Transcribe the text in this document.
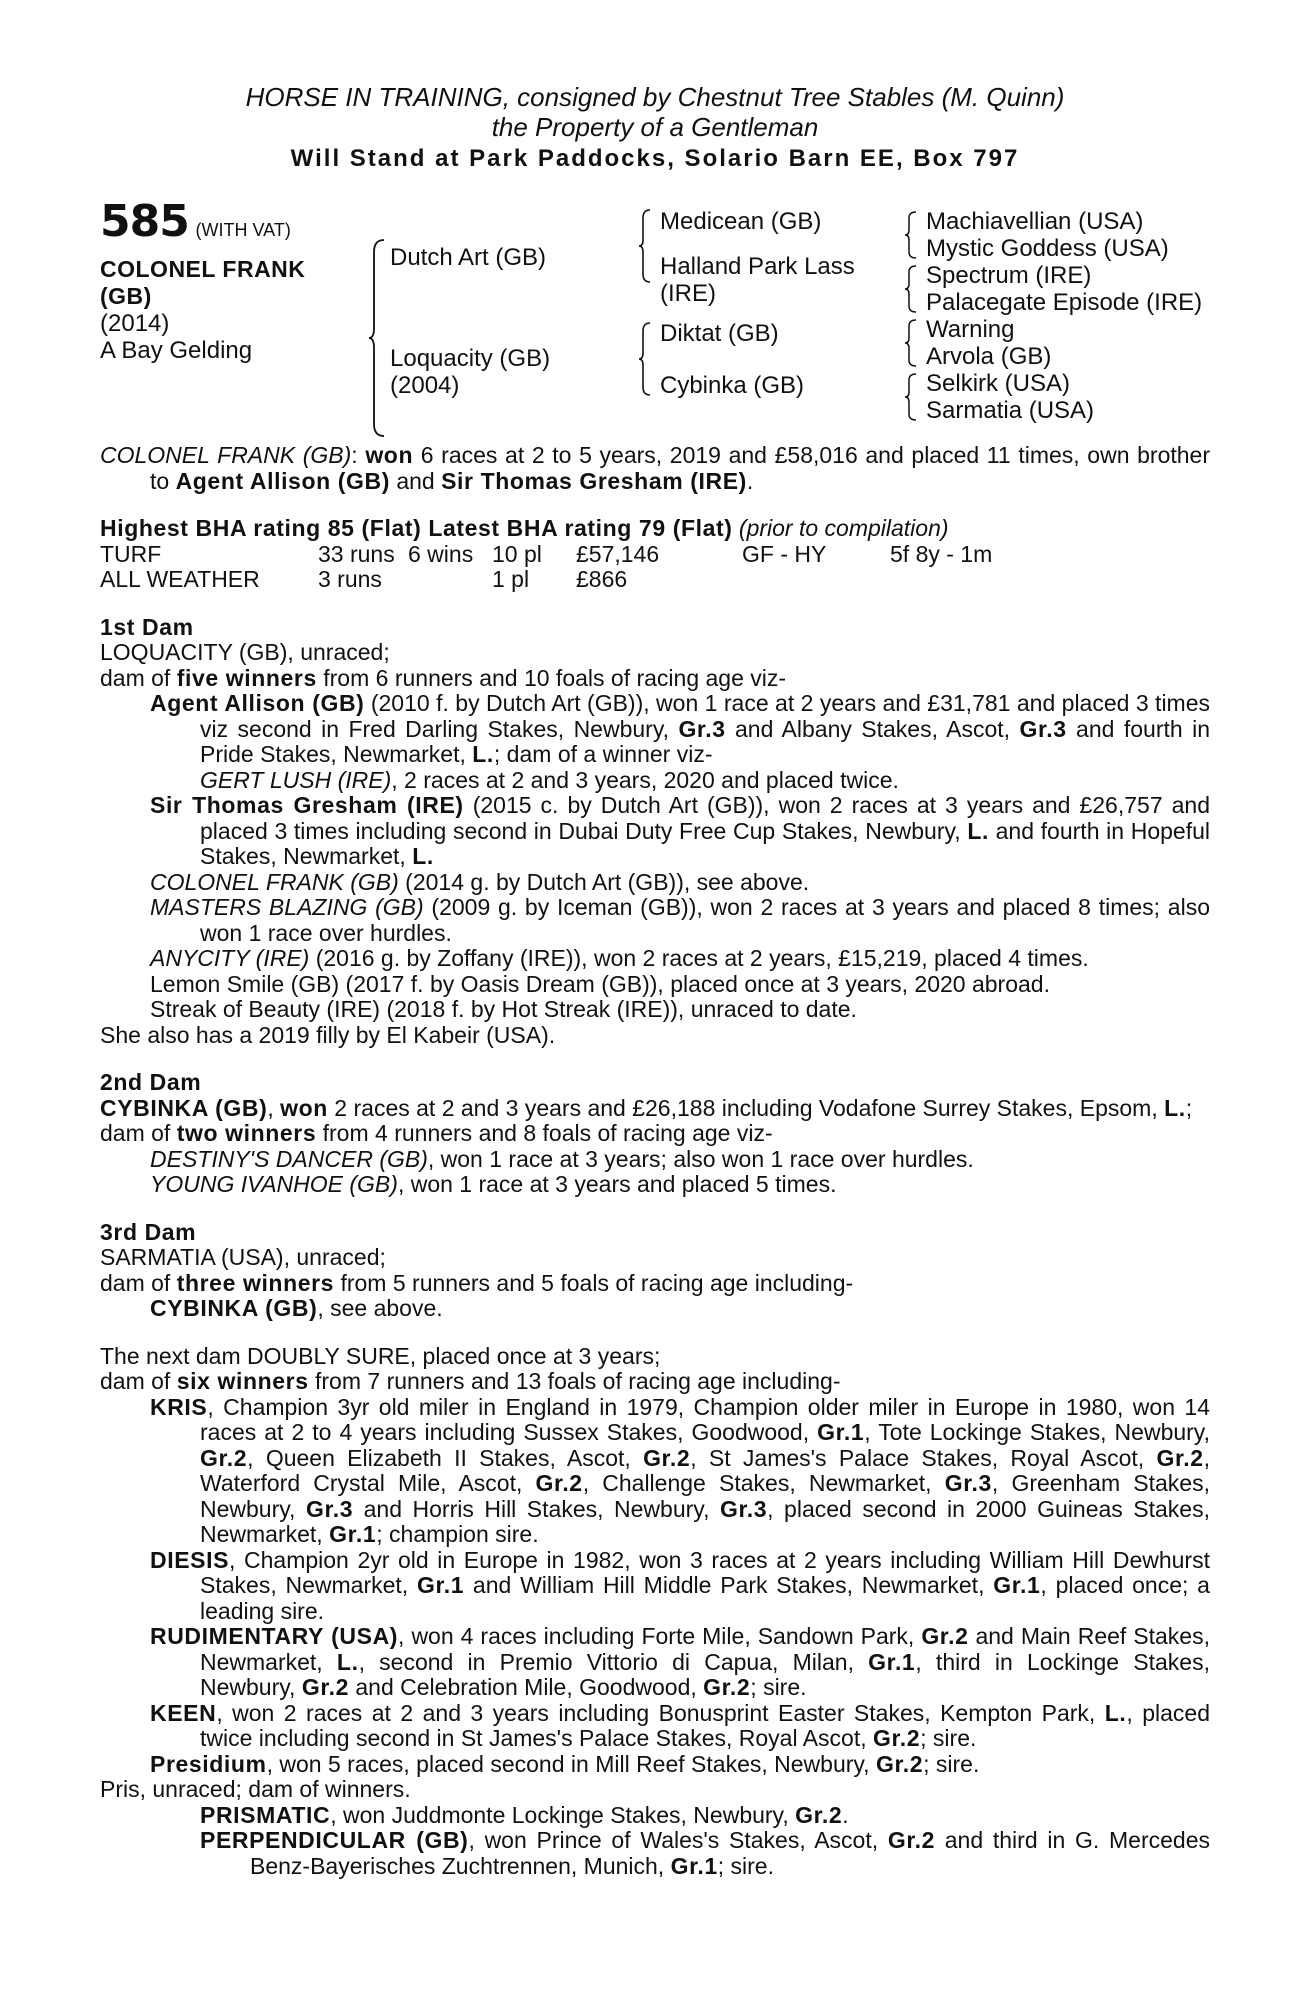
HORSE IN TRAINING, consigned by Chestnut Tree Stables (M. Quinn)

the Property of a Gentleman

Will Stand at Park Paddocks, Solario Barn EE, Box 797

585 (WITH VAT)
COLONEL FRANK
(GB)
(2014)
A Bay Gelding
Dutch Art (GB)
Loquacity (GB)
(2004)
Medicean (GB)
Halland Park Lass
(IRE)
Diktat (GB)
Cybinka (GB)
Machiavellian (USA)
Mystic Goddess (USA)
Spectrum (IRE)
Palacegate Episode (IRE)
Warning
Arvola (GB)
Selkirk (USA)
Sarmatia (USA)

COLONEL FRANK (GB): won 6 races at 2 to 5 years, 2019 and £58,016 and placed 11 times, own brother to Agent Allison (GB) and Sir Thomas Gresham (IRE).

Highest BHA rating 85 (Flat) Latest BHA rating 79 (Flat) (prior to compilation)

TURF	33 runs 6 wins 10 pl £57,146	GF - HY	5f 8y - 1m
ALL WEATHER	3 runs	1 pl £866

1st Dam

LOQUACITY (GB), unraced;

dam of five winners from 6 runners and 10 foals of racing age viz-

Agent Allison (GB) (2010 f. by Dutch Art (GB)), won 1 race at 2 years and £31,781 and placed 3 times viz second in Fred Darling Stakes, Newbury, Gr.3 and Albany Stakes, Ascot, Gr.3 and fourth in Pride Stakes, Newmarket, L.; dam of a winner viz-

GERT LUSH (IRE), 2 races at 2 and 3 years, 2020 and placed twice.

Sir Thomas Gresham (IRE) (2015 c. by Dutch Art (GB)), won 2 races at 3 years and £26,757 and placed 3 times including second in Dubai Duty Free Cup Stakes, Newbury, L. and fourth in Hopeful Stakes, Newmarket, L.

COLONEL FRANK (GB) (2014 g. by Dutch Art (GB)), see above.

MASTERS BLAZING (GB) (2009 g. by Iceman (GB)), won 2 races at 3 years and placed 8 times; also won 1 race over hurdles.

ANYCITY (IRE) (2016 g. by Zoffany (IRE)), won 2 races at 2 years, £15,219, placed 4 times.

Lemon Smile (GB) (2017 f. by Oasis Dream (GB)), placed once at 3 years, 2020 abroad.

Streak of Beauty (IRE) (2018 f. by Hot Streak (IRE)), unraced to date.

She also has a 2019 filly by El Kabeir (USA).

2nd Dam

CYBINKA (GB), won 2 races at 2 and 3 years and £26,188 including Vodafone Surrey Stakes, Epsom, L.;

dam of two winners from 4 runners and 8 foals of racing age viz-

DESTINY'S DANCER (GB), won 1 race at 3 years; also won 1 race over hurdles.

YOUNG IVANHOE (GB), won 1 race at 3 years and placed 5 times.

3rd Dam

SARMATIA (USA), unraced;

dam of three winners from 5 runners and 5 foals of racing age including-

CYBINKA (GB), see above.

The next dam DOUBLY SURE, placed once at 3 years;

dam of six winners from 7 runners and 13 foals of racing age including-

KRIS, Champion 3yr old miler in England in 1979, Champion older miler in Europe in 1980, won 14 races at 2 to 4 years including Sussex Stakes, Goodwood, Gr.1, Tote Lockinge Stakes, Newbury, Gr.2, Queen Elizabeth II Stakes, Ascot, Gr.2, St James's Palace Stakes, Royal Ascot, Gr.2, Waterford Crystal Mile, Ascot, Gr.2, Challenge Stakes, Newmarket, Gr.3, Greenham Stakes, Newbury, Gr.3 and Horris Hill Stakes, Newbury, Gr.3, placed second in 2000 Guineas Stakes, Newmarket, Gr.1; champion sire.

DIESIS, Champion 2yr old in Europe in 1982, won 3 races at 2 years including William Hill Dewhurst Stakes, Newmarket, Gr.1 and William Hill Middle Park Stakes, Newmarket, Gr.1, placed once; a leading sire.

RUDIMENTARY (USA), won 4 races including Forte Mile, Sandown Park, Gr.2 and Main Reef Stakes, Newmarket, L., second in Premio Vittorio di Capua, Milan, Gr.1, third in Lockinge Stakes, Newbury, Gr.2 and Celebration Mile, Goodwood, Gr.2; sire.

KEEN, won 2 races at 2 and 3 years including Bonusprint Easter Stakes, Kempton Park, L., placed twice including second in St James's Palace Stakes, Royal Ascot, Gr.2; sire.

Presidium, won 5 races, placed second in Mill Reef Stakes, Newbury, Gr.2; sire.

Pris, unraced; dam of winners.

PRISMATIC, won Juddmonte Lockinge Stakes, Newbury, Gr.2.

PERPENDICULAR (GB), won Prince of Wales's Stakes, Ascot, Gr.2 and third in G. Mercedes Benz-Bayerisches Zuchtrennen, Munich, Gr.1; sire.
